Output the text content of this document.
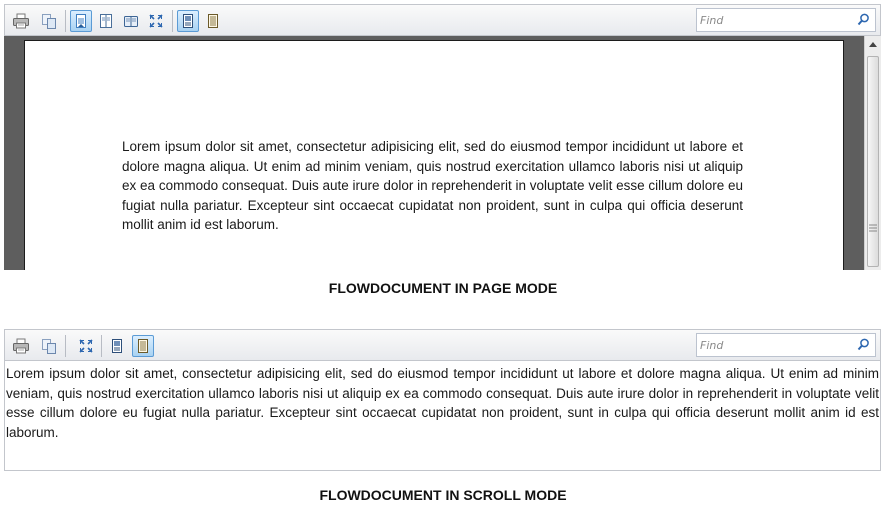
Find

Lorem ipsum dolor sit amet, consectetur adipisicing elit, sed do eiusmod tempor incididunt ut labore et dolore magna aliqua. Ut enim ad minim veniam, quis nostrud exercitation ullamco laboris nisi ut aliquip ex ea commodo consequat. Duis aute irure dolor in reprehenderit in voluptate velit esse cillum dolore eu fugiat nulla pariatur. Excepteur sint occaecat cupidatat non proident, sunt in culpa qui officia deserunt mollit anim id est laborum.

FLOWDOCUMENT IN PAGE MODE
Find

Lorem ipsum dolor sit amet, consectetur adipisicing elit, sed do eiusmod tempor incididunt ut labore et dolore magna aliqua. Ut enim ad minim veniam, quis nostrud exercitation ullamco laboris nisi ut aliquip ex ea commodo consequat. Duis aute irure dolor in reprehenderit in voluptate velit esse cillum dolore eu fugiat nulla pariatur. Excepteur sint occaecat cupidatat non proident, sunt in culpa qui officia deserunt mollit anim id est laborum.

FLOWDOCUMENT IN SCROLL MODE
